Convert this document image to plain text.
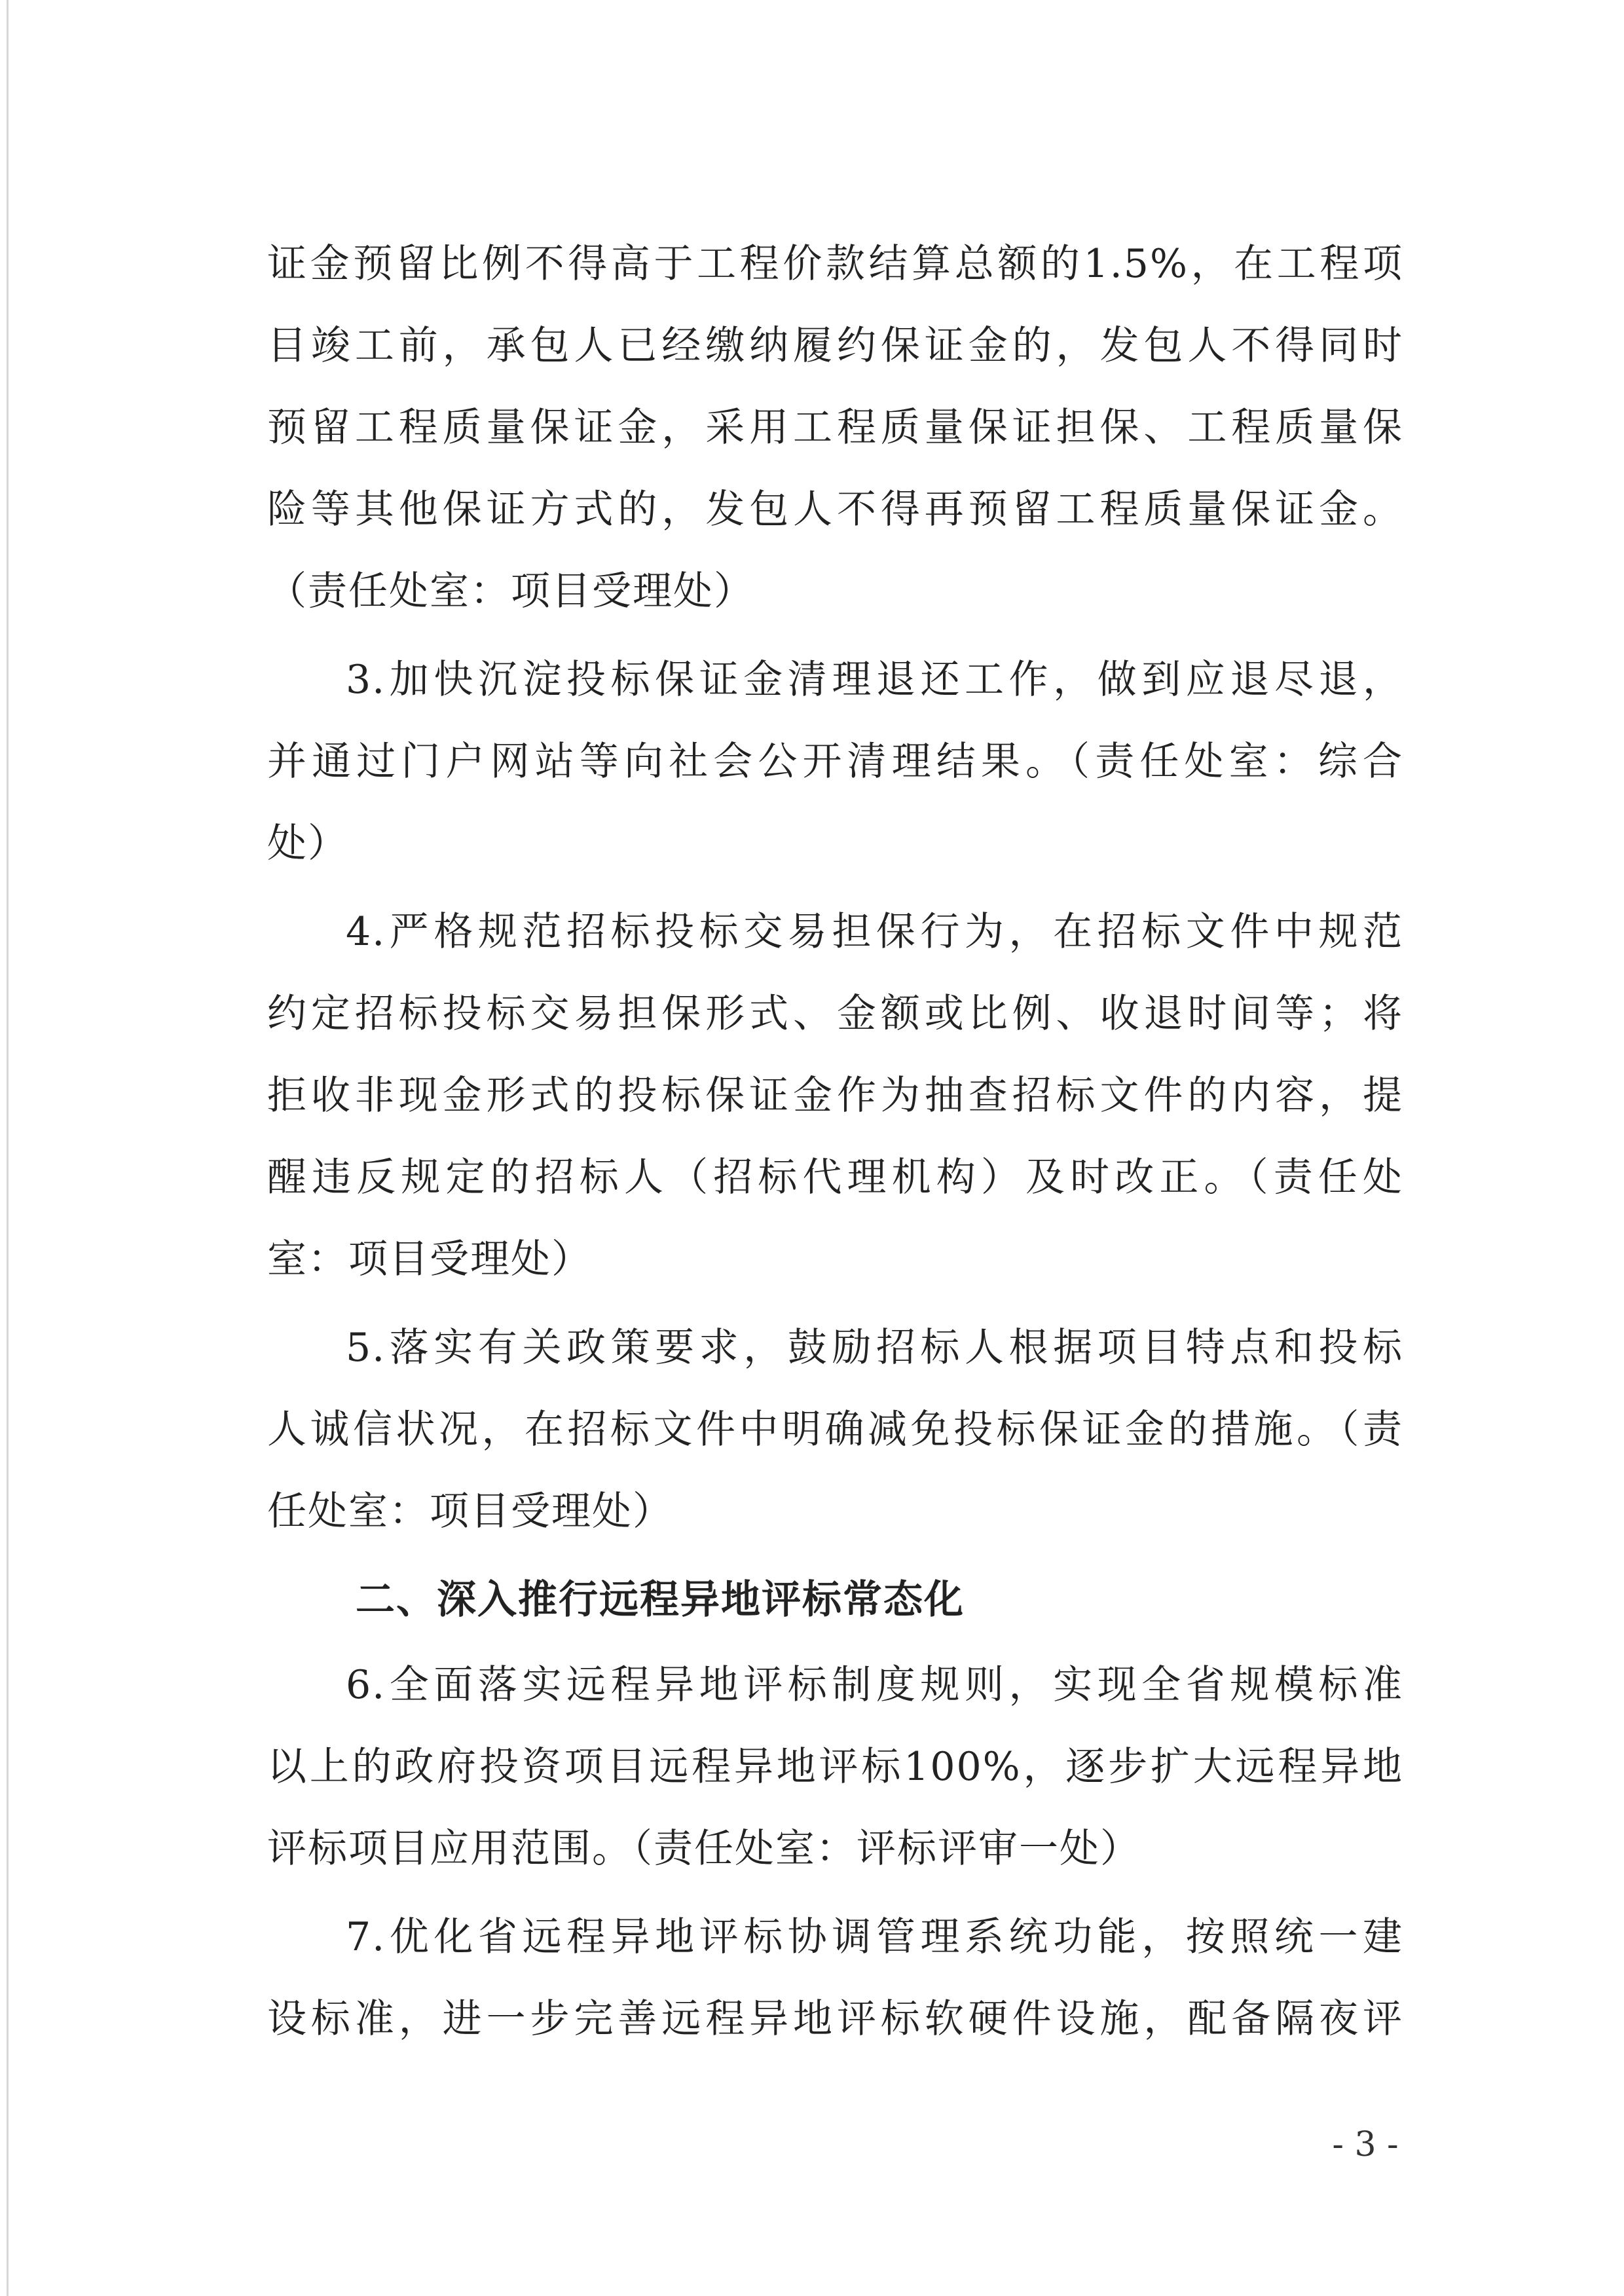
证金预留比例不得高于工程价款结算总额的1.5%，在工程项
目竣工前，承包人已经缴纳履约保证金的，发包人不得同时
预留工程质量保证金，采用工程质量保证担保、工程质量保
险等其他保证方式的，发包人不得再预留工程质量保证金。
（责任处室：项目受理处）
3.加快沉淀投标保证金清理退还工作，做到应退尽退，
并通过门户网站等向社会公开清理结果。（责任处室：综合
处）
4.严格规范招标投标交易担保行为，在招标文件中规范
约定招标投标交易担保形式、金额或比例、收退时间等；将
拒收非现金形式的投标保证金作为抽查招标文件的内容，提
醒违反规定的招标人（招标代理机构）及时改正。（责任处
室：项目受理处）
5.落实有关政策要求，鼓励招标人根据项目特点和投标
人诚信状况，在招标文件中明确减免投标保证金的措施。（责
任处室：项目受理处）
二、深入推行远程异地评标常态化
6.全面落实远程异地评标制度规则，实现全省规模标准
以上的政府投资项目远程异地评标100%，逐步扩大远程异地
评标项目应用范围。（责任处室：评标评审一处）
7.优化省远程异地评标协调管理系统功能，按照统一建
设标准，进一步完善远程异地评标软硬件设施，配备隔夜评
- 3 -
